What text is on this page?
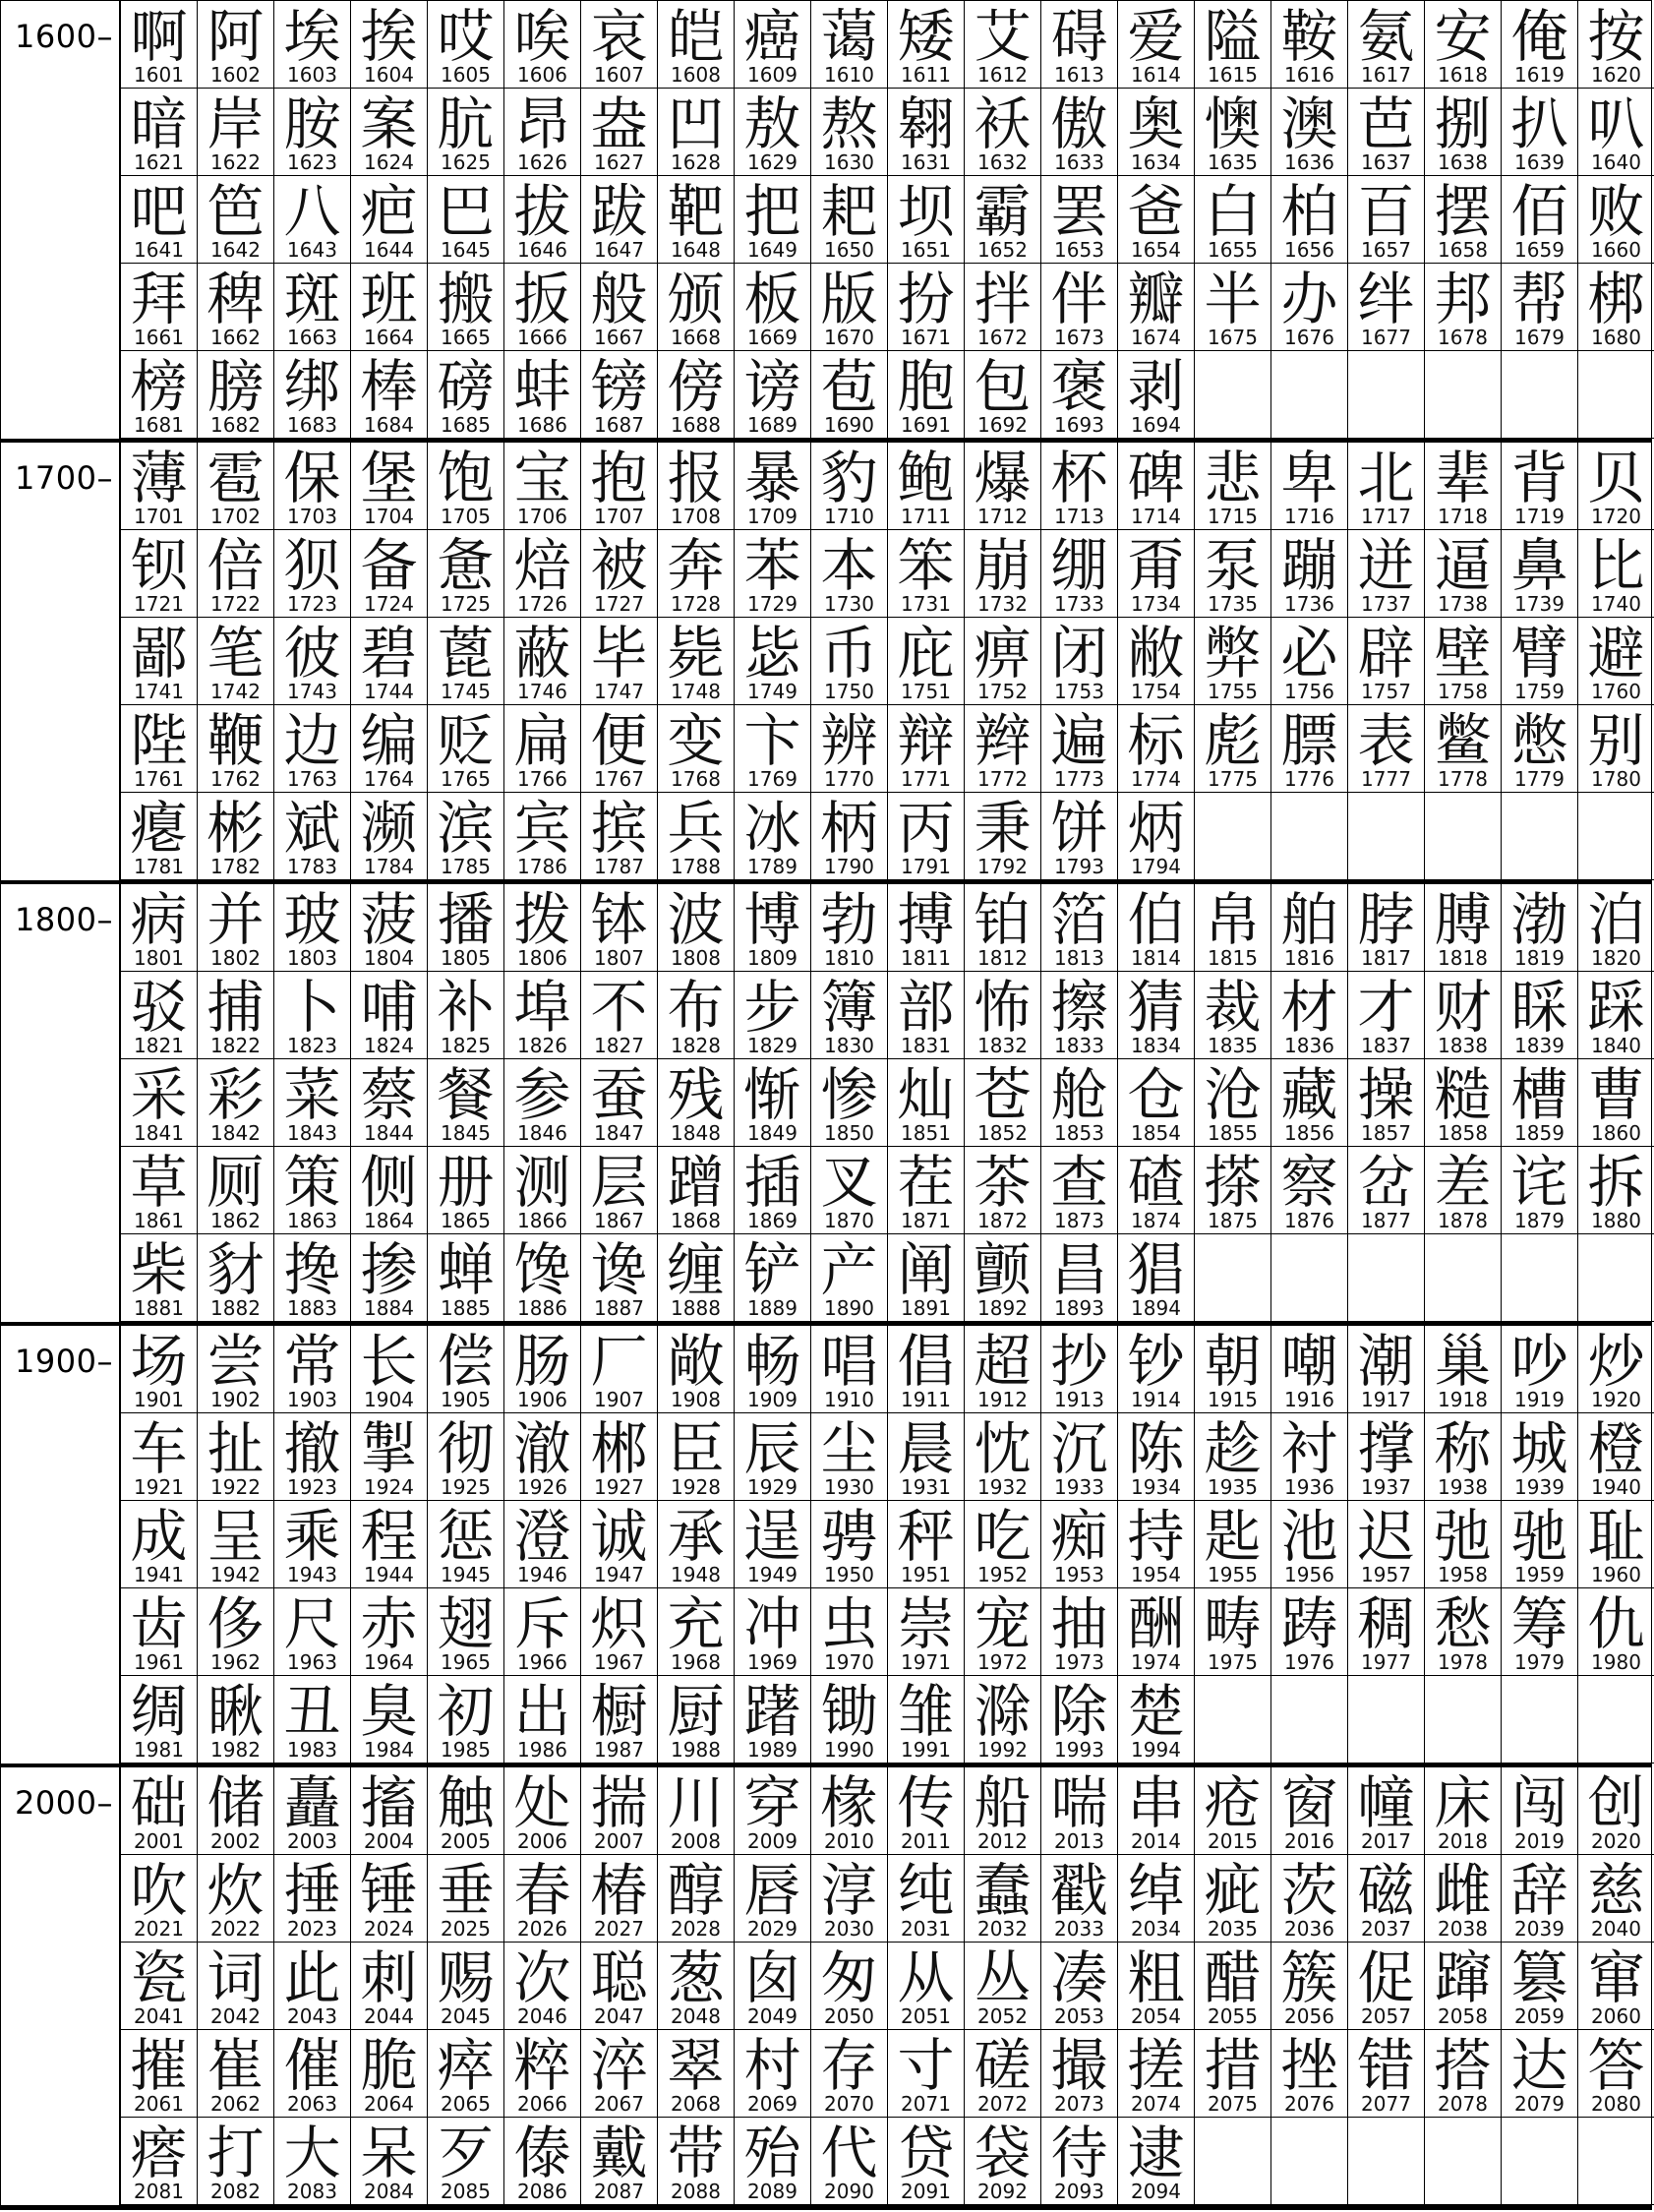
1600– 啊
1601
阿
1602
埃
1603
挨
1604
哎
1605
唉
1606
哀
1607
皑
1608
癌
1609
蔼
1610
矮
1611
艾
1612
碍
1613
爱
1614
隘
1615
鞍
1616
氨
1617
安
1618
俺
1619
按
1620
暗
1621
岸
1622
胺
1623
案
1624
肮
1625
昂
1626
盎
1627
凹
1628
敖
1629
熬
1630
翱
1631
袄
1632
傲
1633
奥
1634
懊
1635
澳
1636
芭
1637
捌
1638
扒
1639
叭
1640
吧
1641
笆
1642
八
1643
疤
1644
巴
1645
拔
1646
跋
1647
靶
1648
把
1649
耙
1650
坝
1651
霸
1652
罢
1653
爸
1654
白
1655
柏
1656
百
1657
摆
1658
佰
1659
败
1660
拜
1661
稗
1662
斑
1663
班
1664
搬
1665
扳
1666
般
1667
颁
1668
板
1669
版
1670
扮
1671
拌
1672
伴
1673
瓣
1674
半
1675
办
1676
绊
1677
邦
1678
帮
1679
梆
1680
榜
1681
膀
1682
绑
1683
棒
1684
磅
1685
蚌
1686
镑
1687
傍
1688
谤
1689
苞
1690
胞
1691
包
1692
褒
1693
剥
1694
1700– 薄
1701
雹
1702
保
1703
堡
1704
饱
1705
宝
1706
抱
1707
报
1708
暴
1709
豹
1710
鲍
1711
爆
1712
杯
1713
碑
1714
悲
1715
卑
1716
北
1717
辈
1718
背
1719
贝
1720
钡
1721
倍
1722
狈
1723
备
1724
惫
1725
焙
1726
被
1727
奔
1728
苯
1729
本
1730
笨
1731
崩
1732
绷
1733
甭
1734
泵
1735
蹦
1736
迸
1737
逼
1738
鼻
1739
比
1740
鄙
1741
笔
1742
彼
1743
碧
1744
蓖
1745
蔽
1746
毕
1747
毙
1748
毖
1749
币
1750
庇
1751
痹
1752
闭
1753
敝
1754
弊
1755
必
1756
辟
1757
壁
1758
臂
1759
避
1760
陛
1761
鞭
1762
边
1763
编
1764
贬
1765
扁
1766
便
1767
变
1768
卞
1769
辨
1770
辩
1771
辫
1772
遍
1773
标
1774
彪
1775
膘
1776
表
1777
鳖
1778
憋
1779
别
1780
瘪
1781
彬
1782
斌
1783
濒
1784
滨
1785
宾
1786
摈
1787
兵
1788
冰
1789
柄
1790
丙
1791
秉
1792
饼
1793
炳
1794
1800– 病
1801
并
1802
玻
1803
菠
1804
播
1805
拨
1806
钵
1807
波
1808
博
1809
勃
1810
搏
1811
铂
1812
箔
1813
伯
1814
帛
1815
舶
1816
脖
1817
膊
1818
渤
1819
泊
1820
驳
1821
捕
1822
卜
1823
哺
1824
补
1825
埠
1826
不
1827
布
1828
步
1829
簿
1830
部
1831
怖
1832
擦
1833
猜
1834
裁
1835
材
1836
才
1837
财
1838
睬
1839
踩
1840
采
1841
彩
1842
菜
1843
蔡
1844
餐
1845
参
1846
蚕
1847
残
1848
惭
1849
惨
1850
灿
1851
苍
1852
舱
1853
仓
1854
沧
1855
藏
1856
操
1857
糙
1858
槽
1859
曹
1860
草
1861
厕
1862
策
1863
侧
1864
册
1865
测
1866
层
1867
蹭
1868
插
1869
叉
1870
茬
1871
茶
1872
查
1873
碴
1874
搽
1875
察
1876
岔
1877
差
1878
诧
1879
拆
1880
柴
1881
豺
1882
搀
1883
掺
1884
蝉
1885
馋
1886
谗
1887
缠
1888
铲
1889
产
1890
阐
1891
颤
1892
昌
1893
猖
1894
1900– 场
1901
尝
1902
常
1903
长
1904
偿
1905
肠
1906
厂
1907
敞
1908
畅
1909
唱
1910
倡
1911
超
1912
抄
1913
钞
1914
朝
1915
嘲
1916
潮
1917
巢
1918
吵
1919
炒
1920
车
1921
扯
1922
撤
1923
掣
1924
彻
1925
澈
1926
郴
1927
臣
1928
辰
1929
尘
1930
晨
1931
忱
1932
沉
1933
陈
1934
趁
1935
衬
1936
撑
1937
称
1938
城
1939
橙
1940
成
1941
呈
1942
乘
1943
程
1944
惩
1945
澄
1946
诚
1947
承
1948
逞
1949
骋
1950
秤
1951
吃
1952
痴
1953
持
1954
匙
1955
池
1956
迟
1957
弛
1958
驰
1959
耻
1960
齿
1961
侈
1962
尺
1963
赤
1964
翅
1965
斥
1966
炽
1967
充
1968
冲
1969
虫
1970
崇
1971
宠
1972
抽
1973
酬
1974
畴
1975
踌
1976
稠
1977
愁
1978
筹
1979
仇
1980
绸
1981
瞅
1982
丑
1983
臭
1984
初
1985
出
1986
橱
1987
厨
1988
躇
1989
锄
1990
雏
1991
滁
1992
除
1993
楚
1994
2000– 础
2001
储
2002
矗
2003
搐
2004
触
2005
处
2006
揣
2007
川
2008
穿
2009
椽
2010
传
2011
船
2012
喘
2013
串
2014
疮
2015
窗
2016
幢
2017
床
2018
闯
2019
创
2020
吹
2021
炊
2022
捶
2023
锤
2024
垂
2025
春
2026
椿
2027
醇
2028
唇
2029
淳
2030
纯
2031
蠢
2032
戳
2033
绰
2034
疵
2035
茨
2036
磁
2037
雌
2038
辞
2039
慈
2040
瓷
2041
词
2042
此
2043
刺
2044
赐
2045
次
2046
聪
2047
葱
2048
囱
2049
匆
2050
从
2051
丛
2052
凑
2053
粗
2054
醋
2055
簇
2056
促
2057
蹿
2058
篡
2059
窜
2060
摧
2061
崔
2062
催
2063
脆
2064
瘁
2065
粹
2066
淬
2067
翠
2068
村
2069
存
2070
寸
2071
磋
2072
撮
2073
搓
2074
措
2075
挫
2076
错
2077
搭
2078
达
2079
答
2080
瘩
2081
打
2082
大
2083
呆
2084
歹
2085
傣
2086
戴
2087
带
2088
殆
2089
代
2090
贷
2091
袋
2092
待
2093
逮
2094
